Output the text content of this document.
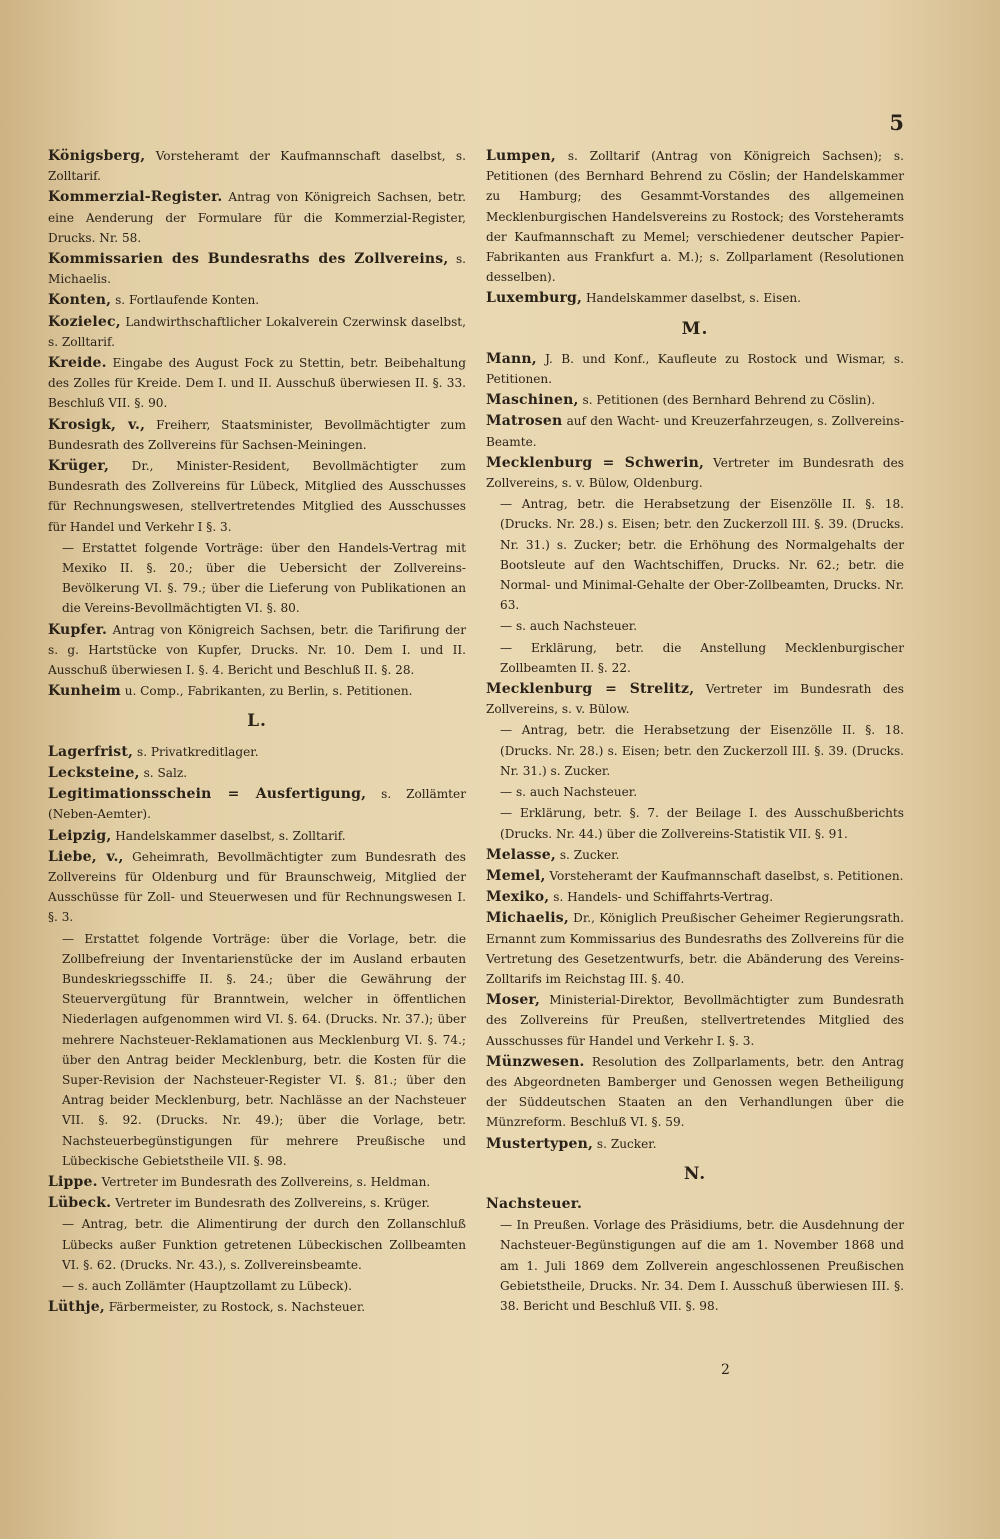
5
Königsberg, Vorsteheramt der Kaufmannschaft daselbst, s. Zolltarif.
Kommerzial-Register. Antrag von Königreich Sachsen, betr. eine Aenderung der Formulare für die Kommerzial-Register, Drucks. Nr. 58.
Kommissarien des Bundesraths des Zollvereins, s. Michaelis.
Konten, s. Fortlaufende Konten.
Kozielec, Landwirthschaftlicher Lokalverein Czerwinsk daselbst, s. Zolltarif.
Kreide. Eingabe des August Fock zu Stettin, betr. Beibehaltung des Zolles für Kreide. Dem I. und II. Ausschuß überwiesen II. §. 33. Beschluß VII. §. 90.
Krosigk, v., Freiherr, Staatsminister, Bevollmächtigter zum Bundesrath des Zollvereins für Sachsen-Meiningen.
Krüger, Dr., Minister-Resident, Bevollmächtigter zum Bundesrath des Zollvereins für Lübeck, Mitglied des Ausschusses für Rechnungswesen, stellvertretendes Mitglied des Ausschusses für Handel und Verkehr I §. 3.
— Erstattet folgende Vorträge: über den Handels-Vertrag mit Mexiko II. §. 20.; über die Uebersicht der Zollvereins-Bevölkerung VI. §. 79.; über die Lieferung von Publikationen an die Vereins-Bevollmächtigten VI. §. 80.
Kupfer. Antrag von Königreich Sachsen, betr. die Tarifirung der s. g. Hartstücke von Kupfer, Drucks. Nr. 10. Dem I. und II. Ausschuß überwiesen I. §. 4. Bericht und Beschluß II. §. 28.
Kunheim u. Comp., Fabrikanten, zu Berlin, s. Petitionen.
L.
Lagerfrist, s. Privatkreditlager.
Lecksteine, s. Salz.
Legitimationsschein = Ausfertigung, s. Zollämter (Neben-Aemter).
Leipzig, Handelskammer daselbst, s. Zolltarif.
Liebe, v., Geheimrath, Bevollmächtigter zum Bundesrath des Zollvereins für Oldenburg und für Braunschweig, Mitglied der Ausschüsse für Zoll- und Steuerwesen und für Rechnungswesen I. §. 3.
— Erstattet folgende Vorträge: über die Vorlage, betr. die Zollbefreiung der Inventarienstücke der im Ausland erbauten Bundeskriegsschiffe II. §. 24.; über die Gewährung der Steuervergütung für Branntwein, welcher in öffentlichen Niederlagen aufgenommen wird VI. §. 64. (Drucks. Nr. 37.); über mehrere Nachsteuer-Reklamationen aus Mecklenburg VI. §. 74.; über den Antrag beider Mecklenburg, betr. die Kosten für die Super-Revision der Nachsteuer-Register VI. §. 81.; über den Antrag beider Mecklenburg, betr. Nachlässe an der Nachsteuer VII. §. 92. (Drucks. Nr. 49.); über die Vorlage, betr. Nachsteuerbegünstigungen für mehrere Preußische und Lübeckische Gebietstheile VII. §. 98.
Lippe. Vertreter im Bundesrath des Zollvereins, s. Heldman.
Lübeck. Vertreter im Bundesrath des Zollvereins, s. Krüger.
— Antrag, betr. die Alimentirung der durch den Zollanschluß Lübecks außer Funktion getretenen Lübeckischen Zollbeamten VI. §. 62. (Drucks. Nr. 43.), s. Zollvereinsbeamte.
— s. auch Zollämter (Hauptzollamt zu Lübeck).
Lüthje, Färbermeister, zu Rostock, s. Nachsteuer.
Lumpen, s. Zolltarif (Antrag von Königreich Sachsen); s. Petitionen (des Bernhard Behrend zu Cöslin; der Handelskammer zu Hamburg; des Gesammt-Vorstandes des allgemeinen Mecklenburgischen Handelsvereins zu Rostock; des Vorsteheramts der Kaufmannschaft zu Memel; verschiedener deutscher Papier-Fabrikanten aus Frankfurt a. M.); s. Zollparlament (Resolutionen desselben).
Luxemburg, Handelskammer daselbst, s. Eisen.
M.
Mann, J. B. und Konf., Kaufleute zu Rostock und Wismar, s. Petitionen.
Maschinen, s. Petitionen (des Bernhard Behrend zu Cöslin).
Matrosen auf den Wacht- und Kreuzerfahrzeugen, s. Zollvereins-Beamte.
Mecklenburg = Schwerin, Vertreter im Bundesrath des Zollvereins, s. v. Bülow, Oldenburg.
— Antrag, betr. die Herabsetzung der Eisenzölle II. §. 18. (Drucks. Nr. 28.) s. Eisen; betr. den Zuckerzoll III. §. 39. (Drucks. Nr. 31.) s. Zucker; betr. die Erhöhung des Normalgehalts der Bootsleute auf den Wachtschiffen, Drucks. Nr. 62.; betr. die Normal- und Minimal-Gehalte der Ober-Zollbeamten, Drucks. Nr. 63.
— s. auch Nachsteuer.
— Erklärung, betr. die Anstellung Mecklenburgischer Zollbeamten II. §. 22.
Mecklenburg = Strelitz, Vertreter im Bundesrath des Zollvereins, s. v. Bülow.
— Antrag, betr. die Herabsetzung der Eisenzölle II. §. 18. (Drucks. Nr. 28.) s. Eisen; betr. den Zuckerzoll III. §. 39. (Drucks. Nr. 31.) s. Zucker.
— s. auch Nachsteuer.
— Erklärung, betr. §. 7. der Beilage I. des Ausschußberichts (Drucks. Nr. 44.) über die Zollvereins-Statistik VII. §. 91.
Melasse, s. Zucker.
Memel, Vorsteheramt der Kaufmannschaft daselbst, s. Petitionen.
Mexiko, s. Handels- und Schiffahrts-Vertrag.
Michaelis, Dr., Königlich Preußischer Geheimer Regierungsrath. Ernannt zum Kommissarius des Bundesraths des Zollvereins für die Vertretung des Gesetzentwurfs, betr. die Abänderung des Vereins-Zolltarifs im Reichstag III. §. 40.
Moser, Ministerial-Direktor, Bevollmächtigter zum Bundesrath des Zollvereins für Preußen, stellvertretendes Mitglied des Ausschusses für Handel und Verkehr I. §. 3.
Münzwesen. Resolution des Zollparlaments, betr. den Antrag des Abgeordneten Bamberger und Genossen wegen Betheiligung der Süddeutschen Staaten an den Verhandlungen über die Münzreform. Beschluß VI. §. 59.
Mustertypen, s. Zucker.
N.
Nachsteuer.
— In Preußen. Vorlage des Präsidiums, betr. die Ausdehnung der Nachsteuer-Begünstigungen auf die am 1. November 1868 und am 1. Juli 1869 dem Zollverein angeschlossenen Preußischen Gebietstheile, Drucks. Nr. 34. Dem I. Ausschuß überwiesen III. §. 38. Bericht und Beschluß VII. §. 98.
2
